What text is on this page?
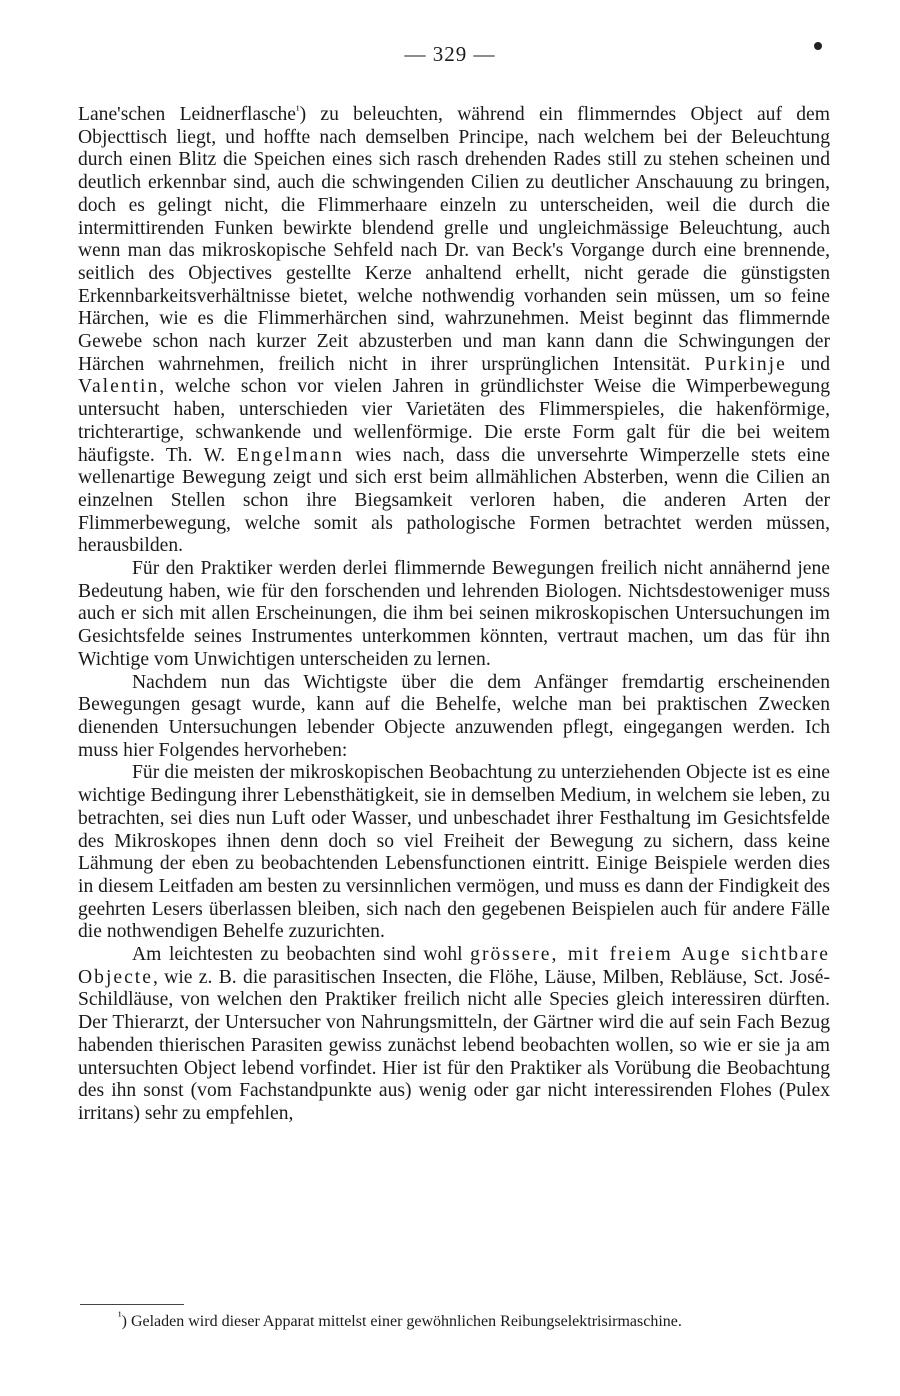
— 329 —

Lane'schen Leidnerflasche$^{^1}$) zu beleuchten, während ein flimmerndes Object auf dem Objecttisch liegt, und hoffte nach demselben Principe, nach welchem bei der Beleuchtung durch einen Blitz die Speichen eines sich rasch drehenden Rades still zu stehen scheinen und deutlich erkennbar sind, auch die schwingenden Cilien zu deutlicher Anschauung zu bringen, doch es gelingt nicht, die Flimmerhaare einzeln zu unterscheiden, weil die durch die intermittirenden Funken bewirkte blendend grelle und ungleichmässige Beleuchtung, auch wenn man das mikroskopische Sehfeld nach Dr. van Beck's Vorgange durch eine brennende, seitlich des Objectives gestellte Kerze anhaltend erhellt, nicht gerade die günstigsten Erkennbarkeitsverhältnisse bietet, welche nothwendig vorhanden sein müssen, um so feine Härchen, wie es die Flimmerhärchen sind, wahrzunehmen. Meist beginnt das flimmernde Gewebe schon nach kurzer Zeit abzusterben und man kann dann die Schwingungen der Härchen wahrnehmen, freilich nicht in ihrer ursprünglichen Intensität. Purkinje und Valentin, welche schon vor vielen Jahren in gründlichster Weise die Wimperbewegung untersucht haben, unterschieden vier Varietäten des Flimmerspieles, die hakenförmige, trichterartige, schwankende und wellenförmige. Die erste Form galt für die bei weitem häufigste. Th. W. Engelmann wies nach, dass die unversehrte Wimperzelle stets eine wellenartige Bewegung zeigt und sich erst beim allmählichen Absterben, wenn die Cilien an einzelnen Stellen schon ihre Biegsamkeit verloren haben, die anderen Arten der Flimmerbewegung, welche somit als pathologische Formen betrachtet werden müssen, herausbilden.

Für den Praktiker werden derlei flimmernde Bewegungen freilich nicht annähernd jene Bedeutung haben, wie für den forschenden und lehrenden Biologen. Nichtsdestoweniger muss auch er sich mit allen Erscheinungen, die ihm bei seinen mikroskopischen Untersuchungen im Gesichtsfelde seines Instrumentes unterkommen könnten, vertraut machen, um das für ihn Wichtige vom Unwichtigen unterscheiden zu lernen.

Nachdem nun das Wichtigste über die dem Anfänger fremdartig erscheinenden Bewegungen gesagt wurde, kann auf die Behelfe, welche man bei praktischen Zwecken dienenden Untersuchungen lebender Objecte anzuwenden pflegt, eingegangen werden. Ich muss hier Folgendes hervorheben:

Für die meisten der mikroskopischen Beobachtung zu unterziehenden Objecte ist es eine wichtige Bedingung ihrer Lebensthätigkeit, sie in demselben Medium, in welchem sie leben, zu betrachten, sei dies nun Luft oder Wasser, und unbeschadet ihrer Festhaltung im Gesichtsfelde des Mikroskopes ihnen denn doch so viel Freiheit der Bewegung zu sichern, dass keine Lähmung der eben zu beobachtenden Lebensfunctionen eintritt. Einige Beispiele werden dies in diesem Leitfaden am besten zu versinnlichen vermögen, und muss es dann der Findigkeit des geehrten Lesers überlassen bleiben, sich nach den gegebenen Beispielen auch für andere Fälle die nothwendigen Behelfe zuzurichten.

Am leichtesten zu beobachten sind wohl grössere, mit freiem Auge sichtbare Objecte, wie z. B. die parasitischen Insecten, die Flöhe, Läuse, Milben, Rebläuse, Sct. José-Schildläuse, von welchen den Praktiker freilich nicht alle Species gleich interessiren dürften. Der Thierarzt, der Untersucher von Nahrungsmitteln, der Gärtner wird die auf sein Fach Bezug habenden thierischen Parasiten gewiss zunächst lebend beobachten wollen, so wie er sie ja am untersuchten Object lebend vorfindet. Hier ist für den Praktiker als Vorübung die Beobachtung des ihn sonst (vom Fachstandpunkte aus) wenig oder gar nicht interessirenden Flohes (Pulex irritans) sehr zu empfehlen,

$^{^1}$) Geladen wird dieser Apparat mittelst einer gewöhnlichen Reibungselektrisirmaschine.
